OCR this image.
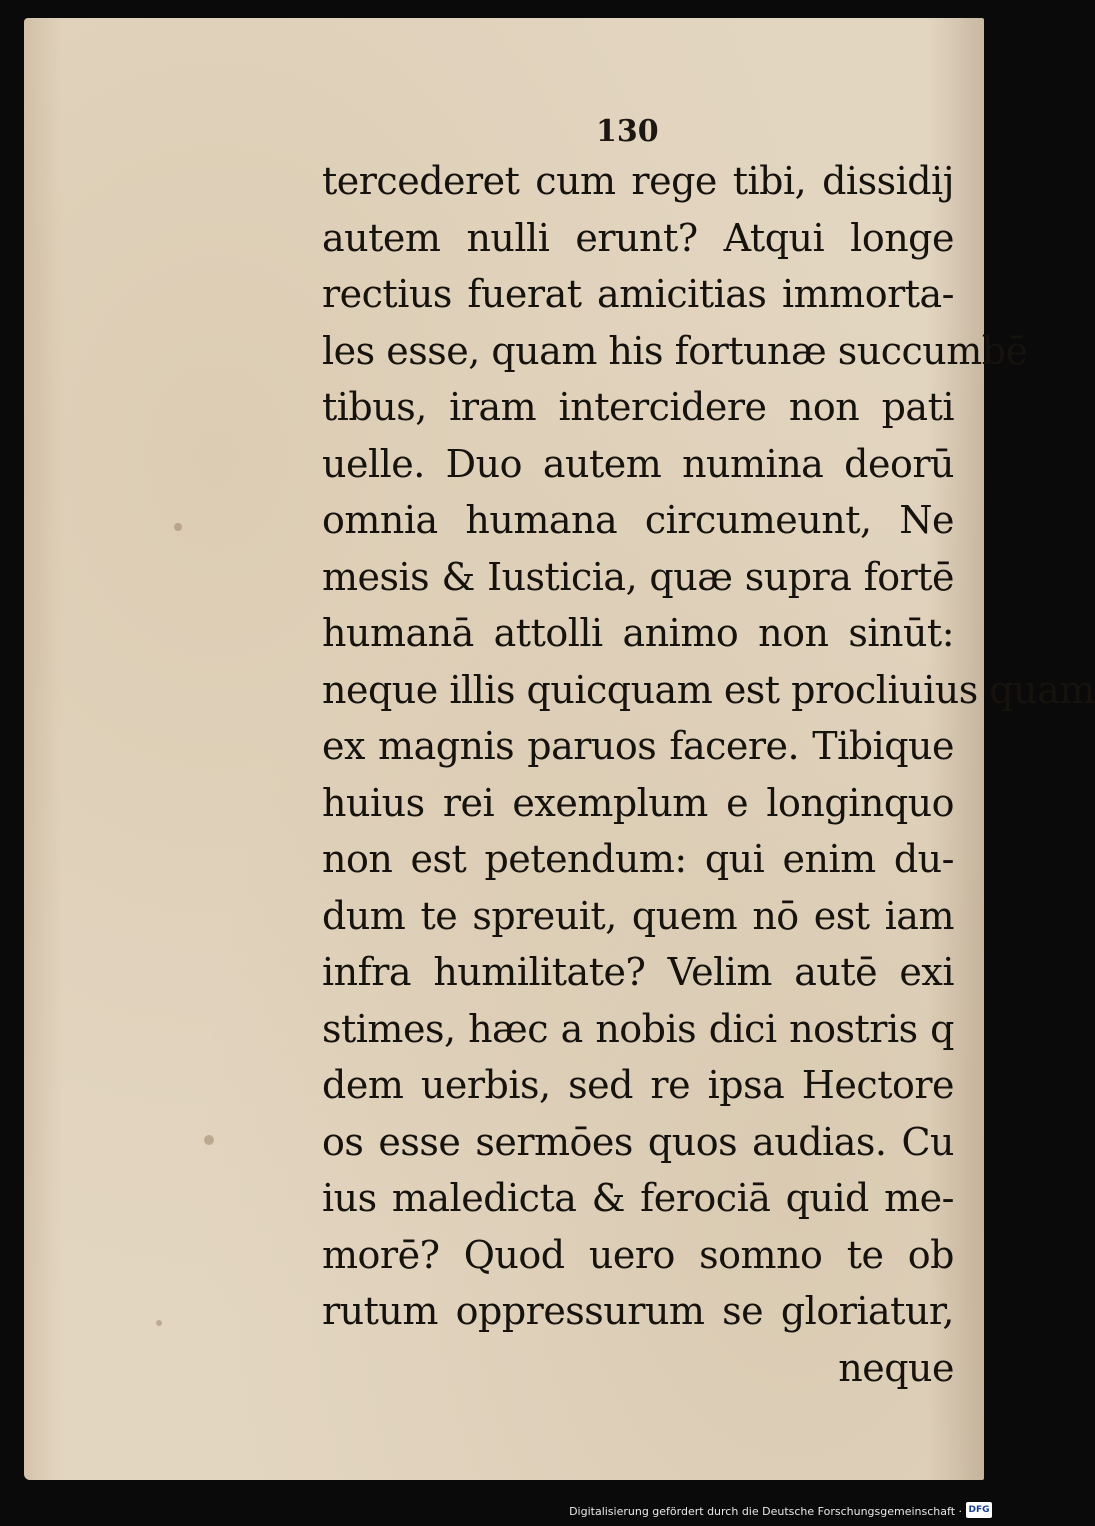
130
tercederet cum rege tibi, dissidij
autem nulli erunt? Atqui longe
rectius fuerat amicitias immorta-
les esse, quam his fortunæ succumbē
tibus, iram intercidere non pati
uelle. Duo autem numina deorū
omnia humana circumeunt, Ne
mesis & Iusticia, quæ supra fortē
humanā attolli animo non sinūt:
neque illis quicquam est procliuius quam
ex magnis paruos facere. Tibique
huius rei exemplum e longinquo
non est petendum: qui enim du-
dum te spreuit, quem nō est iam
infra humilitate? Velim autē exi
stimes, hæc a nobis dici nostris q
dem uerbis, sed re ipsa Hectore
os esse sermōes quos audias. Cu
ius maledicta & ferociā quid me-
morē? Quod uero somno te ob
rutum oppressurum se gloriatur,
neque
Digitalisierung gefördert durch die Deutsche Forschungsgemeinschaft · DFG
